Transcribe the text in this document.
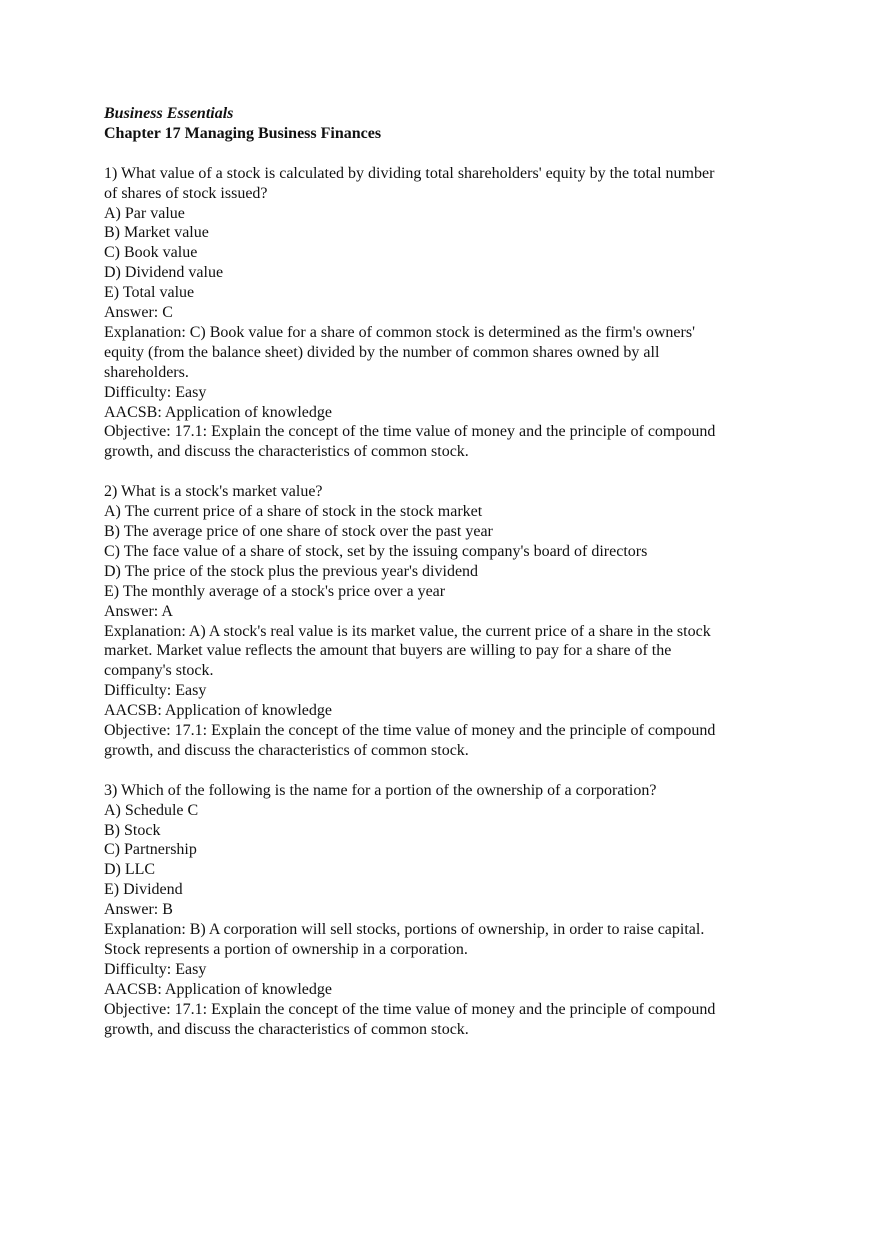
Business Essentials
Chapter 17 Managing Business Finances
1) What value of a stock is calculated by dividing total shareholders' equity by the total number
of shares of stock issued?
A) Par value
B) Market value
C) Book value
D) Dividend value
E) Total value
Answer: C
Explanation: C) Book value for a share of common stock is determined as the firm's owners'
equity (from the balance sheet) divided by the number of common shares owned by all
shareholders.
Difficulty: Easy
AACSB: Application of knowledge
Objective: 17.1: Explain the concept of the time value of money and the principle of compound
growth, and discuss the characteristics of common stock.
2) What is a stock's market value?
A) The current price of a share of stock in the stock market
B) The average price of one share of stock over the past year
C) The face value of a share of stock, set by the issuing company's board of directors
D) The price of the stock plus the previous year's dividend
E) The monthly average of a stock's price over a year
Answer: A
Explanation: A) A stock's real value is its market value, the current price of a share in the stock
market. Market value reflects the amount that buyers are willing to pay for a share of the
company's stock.
Difficulty: Easy
AACSB: Application of knowledge
Objective: 17.1: Explain the concept of the time value of money and the principle of compound
growth, and discuss the characteristics of common stock.
3) Which of the following is the name for a portion of the ownership of a corporation?
A) Schedule C
B) Stock
C) Partnership
D) LLC
E) Dividend
Answer: B
Explanation: B) A corporation will sell stocks, portions of ownership, in order to raise capital.
Stock represents a portion of ownership in a corporation.
Difficulty: Easy
AACSB: Application of knowledge
Objective: 17.1: Explain the concept of the time value of money and the principle of compound
growth, and discuss the characteristics of common stock.
